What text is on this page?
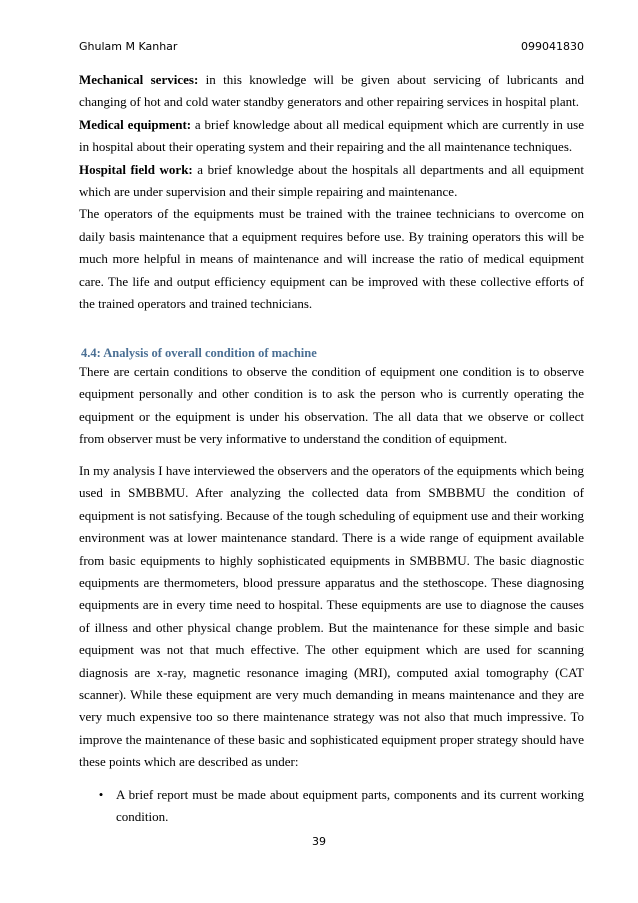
Ghulam M Kanhar	099041830

Mechanical services: in this knowledge will be given about servicing of lubricants and changing of hot and cold water standby generators and other repairing services in hospital plant.

Medical equipment: a brief knowledge about all medical equipment which are currently in use in hospital about their operating system and their repairing and the all maintenance techniques.

Hospital field work: a brief knowledge about the hospitals all departments and all equipment which are under supervision and their simple repairing and maintenance.

The operators of the equipments must be trained with the trainee technicians to overcome on daily basis maintenance that a equipment requires before use. By training operators this will be much more helpful in means of maintenance and will increase the ratio of medical equipment care. The life and output efficiency equipment can be improved with these collective efforts of the trained operators and trained technicians.

4.4: Analysis of overall condition of machine

There are certain conditions to observe the condition of equipment one condition is to observe equipment personally and other condition is to ask the person who is currently operating the equipment or the equipment is under his observation. The all data that we observe or collect from observer must be very informative to understand the condition of equipment.

In my analysis I have interviewed the observers and the operators of the equipments which being used in SMBBMU. After analyzing the collected data from SMBBMU the condition of equipment is not satisfying. Because of the tough scheduling of equipment use and their working environment was at lower maintenance standard. There is a wide range of equipment available from basic equipments to highly sophisticated equipments in SMBBMU. The basic diagnostic equipments are thermometers, blood pressure apparatus and the stethoscope. These diagnosing equipments are in every time need to hospital. These equipments are use to diagnose the causes of illness and other physical change problem. But the maintenance for these simple and basic equipment was not that much effective. The other equipment which are used for scanning diagnosis are x-ray, magnetic resonance imaging (MRI), computed axial tomography (CAT scanner). While these equipment are very much demanding in means maintenance and they are very much expensive too so there maintenance strategy was not also that much impressive. To improve the maintenance of these basic and sophisticated equipment proper strategy should have these points which are described as under:

• A brief report must be made about equipment parts, components and its current working condition.
39
